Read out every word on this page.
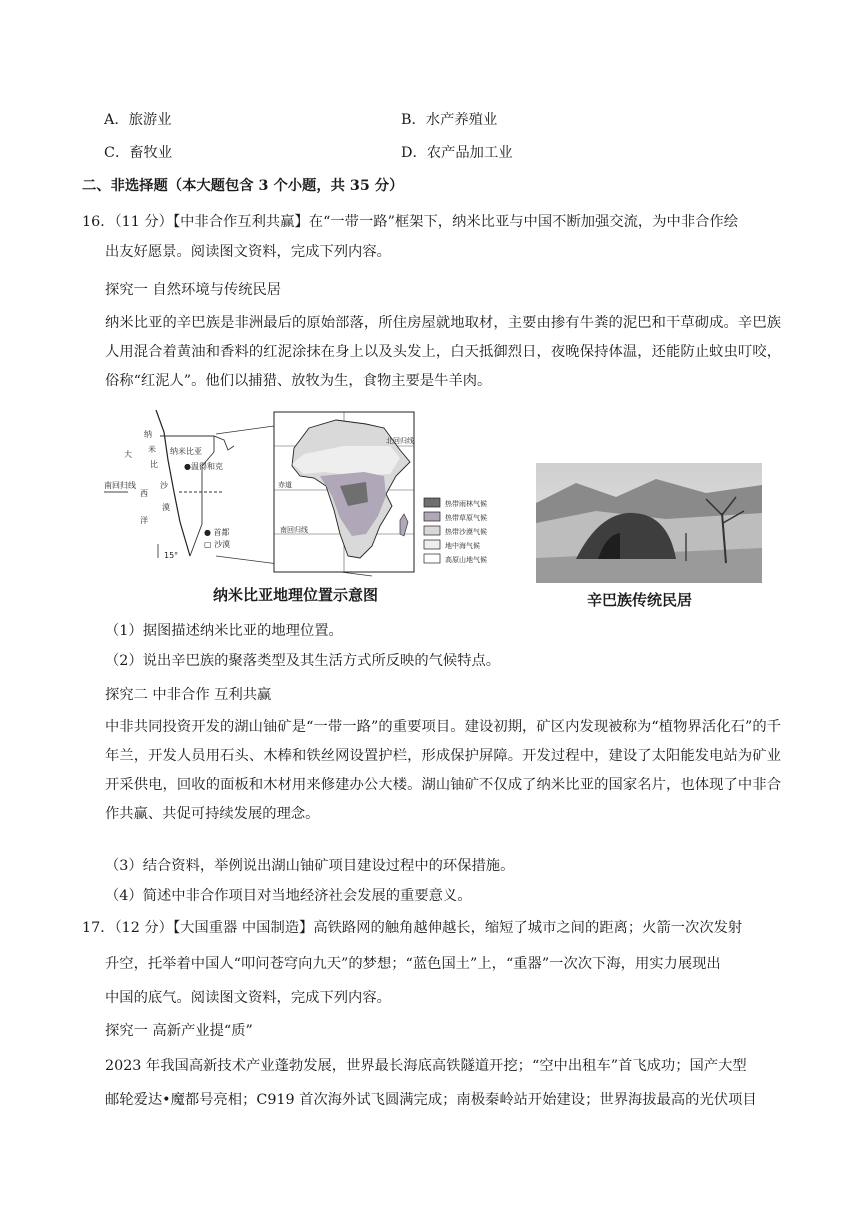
A．旅游业	B．水产养殖业
C．畜牧业	D．农产品加工业
二、非选择题（本大题包含 3 个小题，共 35 分）
16．（11 分）【中非合作互利共赢】在“一带一路”框架下，纳米比亚与中国不断加强交流，为中非合作绘
出友好愿景。阅读图文资料，完成下列内容。
探究一 自然环境与传统民居
纳米比亚的辛巴族是非洲最后的原始部落，所住房屋就地取材，主要由掺有牛粪的泥巴和干草砌成。辛巴族人用混合着黄油和香料的红泥涂抹在身上以及头发上，白天抵御烈日，夜晚保持体温，还能防止蚊虫叮咬，俗称“红泥人”。他们以捕猎、放牧为生，食物主要是牛羊肉。
纳
米
大
比
沙
西
漠
洋
纳米比亚
●温得和克
南回归线
● 首都
▢ 沙漠
15°
北回归线
赤道
南回归线
热带雨林气候
热带草原气候
热带沙漠气候
地中海气候
高原山地气候
纳米比亚地理位置示意图	辛巴族传统民居
（1）据图描述纳米比亚的地理位置。
（2）说出辛巴族的聚落类型及其生活方式所反映的气候特点。
探究二 中非合作 互利共赢
中非共同投资开发的湖山铀矿是“一带一路”的重要项目。建设初期，矿区内发现被称为“植物界活化石”的千年兰，开发人员用石头、木棒和铁丝网设置护栏，形成保护屏障。开发过程中，建设了太阳能发电站为矿业开采供电，回收的面板和木材用来修建办公大楼。湖山铀矿不仅成了纳米比亚的国家名片，也体现了中非合作共赢、共促可持续发展的理念。
（3）结合资料，举例说出湖山铀矿项目建设过程中的环保措施。
（4）简述中非合作项目对当地经济社会发展的重要意义。
17．（12 分）【大国重器 中国制造】高铁路网的触角越伸越长，缩短了城市之间的距离；火箭一次次发射
升空，托举着中国人“叩问苍穹向九天”的梦想；“蓝色国土”上，“重器”一次次下海，用实力展现出
中国的底气。阅读图文资料，完成下列内容。
探究一 高新产业提“质”
2023 年我国高新技术产业蓬勃发展，世界最长海底高铁隧道开挖；“空中出租车”首飞成功；国产大型
邮轮爱达•魔都号亮相；C919 首次海外试飞圆满完成；南极秦岭站开始建设；世界海拔最高的光伏项目
